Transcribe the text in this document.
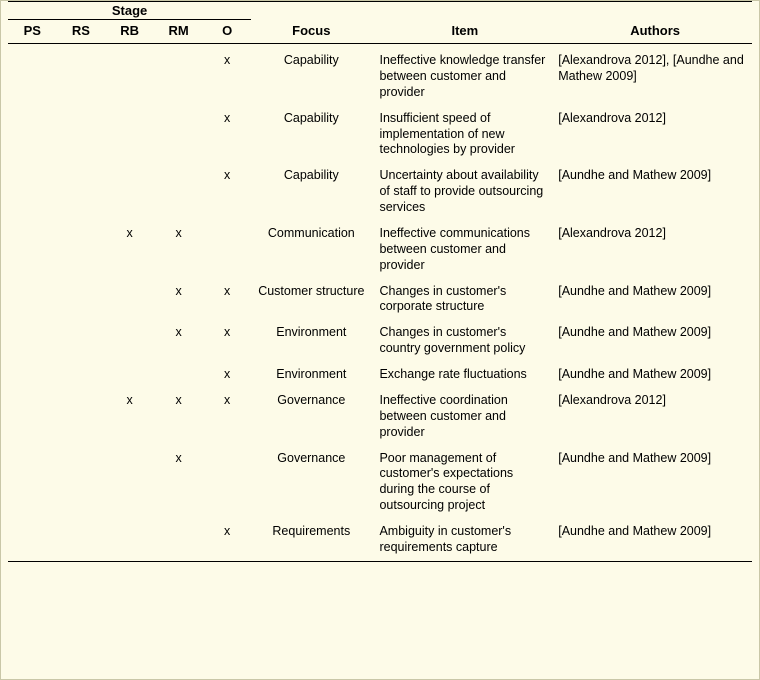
Stage							
PS	RS	RB	RM	O	Focus	Item	Authors

				x	Capability	Ineffective knowledge transfer between customer and provider	[Alexandrova 2012], [Aundhe and Mathew 2009]
				x	Capability	Insufficient speed of implementation of new technologies by provider	[Alexandrova 2012]
				x	Capability	Uncertainty about availability of staff to provide outsourcing services	[Aundhe and Mathew 2009]
		x	x		Communication	Ineffective communications between customer and provider	[Alexandrova 2012]
			x	x	Customer structure	Changes in customer's corporate structure	[Aundhe and Mathew 2009]
			x	x	Environment	Changes in customer's country government policy	[Aundhe and Mathew 2009]
				x	Environment	Exchange rate fluctuations	[Aundhe and Mathew 2009]
		x	x	x	Governance	Ineffective coordination between customer and provider	[Alexandrova 2012]
			x		Governance	Poor management of customer's expectations during the course of outsourcing project	[Aundhe and Mathew 2009]
				x	Requirements	Ambiguity in customer's requirements capture	[Aundhe and Mathew 2009]
